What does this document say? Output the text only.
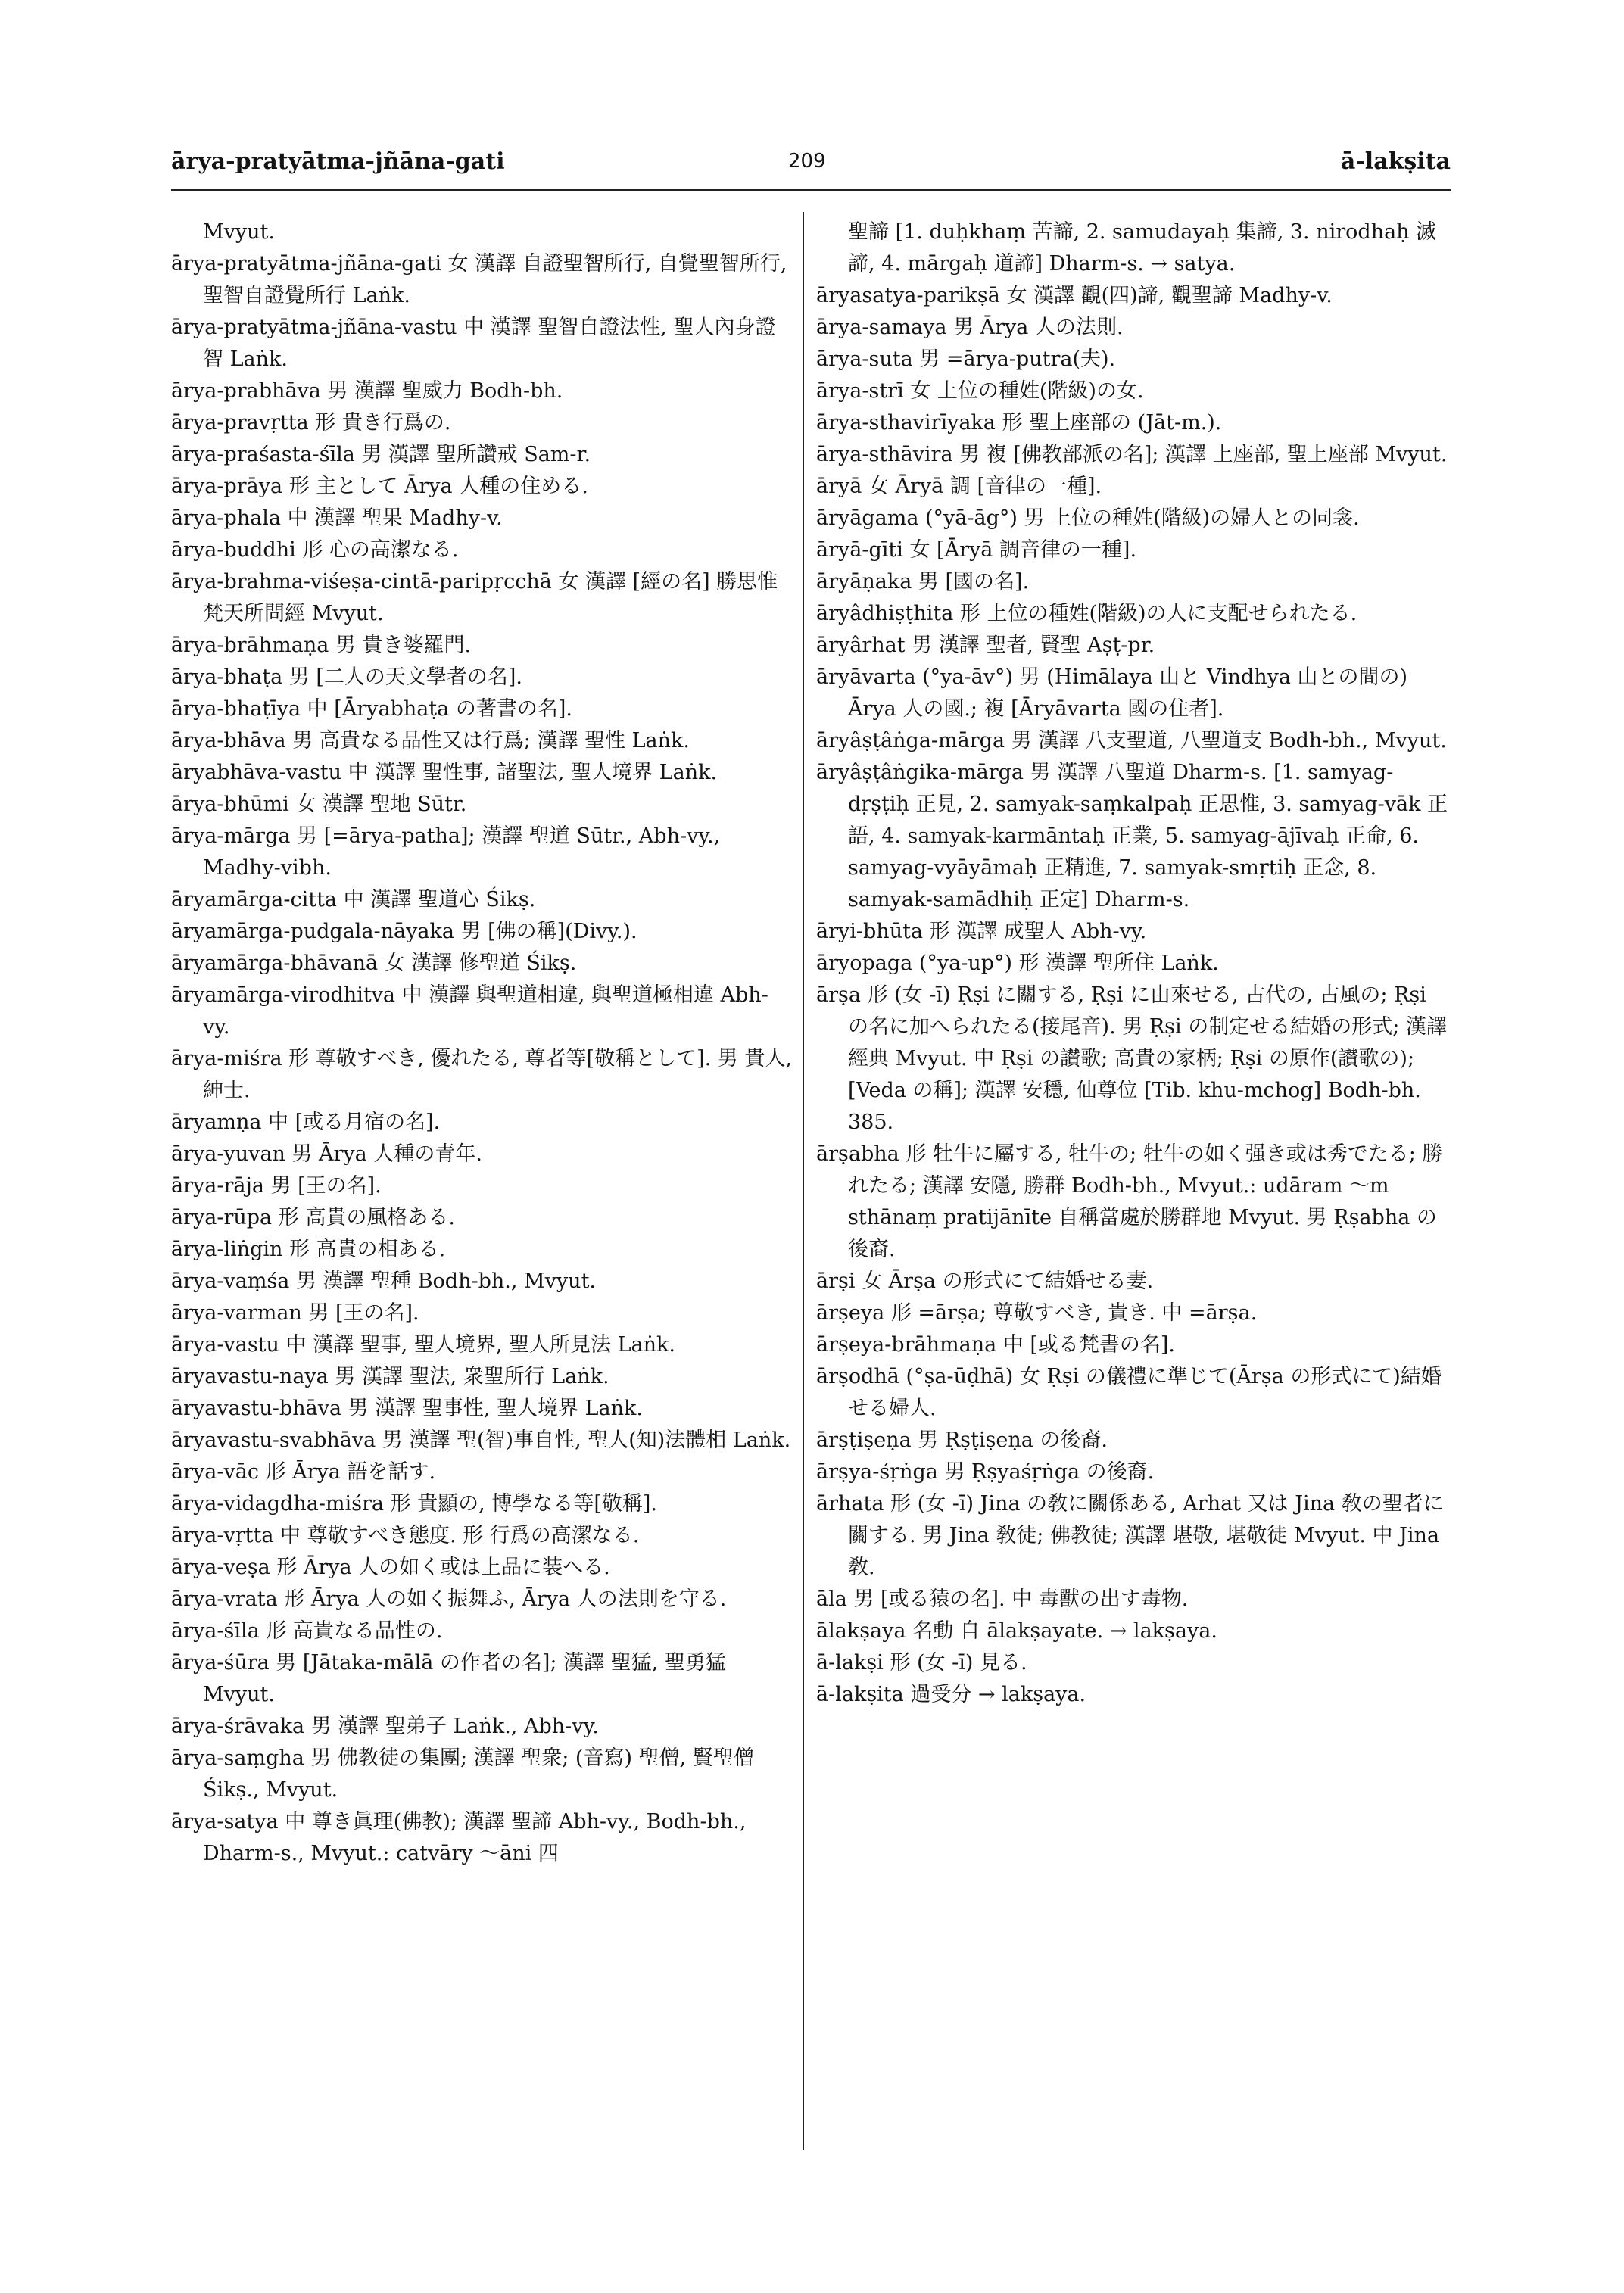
ārya-pratyātma-jñāna-gati	209	ā-lakṣita

Mvyut.

ārya-pratyātma-jñāna-gati 女 漢譯 自證聖智所行, 自覺聖智所行, 聖智自證覺所行 Laṅk.

ārya-pratyātma-jñāna-vastu 中 漢譯 聖智自證法性, 聖人內身證智 Laṅk.

ārya-prabhāva 男 漢譯 聖威力 Bodh-bh.

ārya-pravṛtta 形 貴き行爲の.

ārya-praśasta-śīla 男 漢譯 聖所讚戒 Sam-r.

ārya-prāya 形 主として Ārya 人種の住める.

ārya-phala 中 漢譯 聖果 Madhy-v.

ārya-buddhi 形 心の高潔なる.

ārya-brahma-viśeṣa-cintā-paripṛcchā 女 漢譯 [經の名] 勝思惟梵天所問經 Mvyut.

ārya-brāhmaṇa 男 貴き婆羅門.

ārya-bhaṭa 男 [二人の天文學者の名].

ārya-bhaṭīya 中 [Āryabhaṭa の著書の名].

ārya-bhāva 男 高貴なる品性又は行爲; 漢譯 聖性 Laṅk.

āryabhāva-vastu 中 漢譯 聖性事, 諸聖法, 聖人境界 Laṅk.

ārya-bhūmi 女 漢譯 聖地 Sūtr.

ārya-mārga 男 [=ārya-patha]; 漢譯 聖道 Sūtr., Abh-vy., Madhy-vibh.

āryamārga-citta 中 漢譯 聖道心 Śikṣ.

āryamārga-pudgala-nāyaka 男 [佛の稱](Divy.).

āryamārga-bhāvanā 女 漢譯 修聖道 Śikṣ.

āryamārga-virodhitva 中 漢譯 與聖道相違, 與聖道極相違 Abh-vy.

ārya-miśra 形 尊敬すべき, 優れたる, 尊者等[敬稱として]. 男 貴人, 紳士.

āryamṇa 中 [或る月宿の名].

ārya-yuvan 男 Ārya 人種の青年.

ārya-rāja 男 [王の名].

ārya-rūpa 形 高貴の風格ある.

ārya-liṅgin 形 高貴の相ある.

ārya-vaṃśa 男 漢譯 聖種 Bodh-bh., Mvyut.

ārya-varman 男 [王の名].

ārya-vastu 中 漢譯 聖事, 聖人境界, 聖人所見法 Laṅk.

āryavastu-naya 男 漢譯 聖法, 衆聖所行 Laṅk.

āryavastu-bhāva 男 漢譯 聖事性, 聖人境界 Laṅk.

āryavastu-svabhāva 男 漢譯 聖(智)事自性, 聖人(知)法體相 Laṅk.

ārya-vāc 形 Ārya 語を話す.

ārya-vidagdha-miśra 形 貴顯の, 博學なる等[敬稱].

ārya-vṛtta 中 尊敬すべき態度. 形 行爲の高潔なる.

ārya-veṣa 形 Ārya 人の如く或は上品に装へる.

ārya-vrata 形 Ārya 人の如く振舞ふ, Ārya 人の法則を守る.

ārya-śīla 形 高貴なる品性の.

ārya-śūra 男 [Jātaka-mālā の作者の名]; 漢譯 聖猛, 聖勇猛 Mvyut.

ārya-śrāvaka 男 漢譯 聖弟子 Laṅk., Abh-vy.

ārya-saṃgha 男 佛教徒の集團; 漢譯 聖衆; (音寫) 聖僧, 賢聖僧 Śikṣ., Mvyut.

ārya-satya 中 尊き眞理(佛教); 漢譯 聖諦 Abh-vy., Bodh-bh., Dharm-s., Mvyut.: catvāry ～āni 四

聖諦 [1. duḥkhaṃ 苦諦, 2. samudayaḥ 集諦, 3. nirodhaḥ 滅諦, 4. mārgaḥ 道諦] Dharm-s. → satya.

āryasatya-parikṣā 女 漢譯 觀(四)諦, 觀聖諦 Madhy-v.

ārya-samaya 男 Ārya 人の法則.

ārya-suta 男 =ārya-putra(夫).

ārya-strī 女 上位の種姓(階級)の女.

ārya-sthavirīyaka 形 聖上座部の (Jāt-m.).

ārya-sthāvira 男 複 [佛教部派の名]; 漢譯 上座部, 聖上座部 Mvyut.

āryā 女 Āryā 調 [音律の一種].

āryāgama (°yā-āg°) 男 上位の種姓(階級)の婦人との同衾.

āryā-gīti 女 [Āryā 調音律の一種].

āryāṇaka 男 [國の名].

āryâdhiṣṭhita 形 上位の種姓(階級)の人に支配せられたる.

āryârhat 男 漢譯 聖者, 賢聖 Aṣṭ-pr.

āryāvarta (°ya-āv°) 男 (Himālaya 山と Vindhya 山との間の) Ārya 人の國.; 複 [Āryāvarta 國の住者].

āryâṣṭâṅga-mārga 男 漢譯 八支聖道, 八聖道支 Bodh-bh., Mvyut.

āryâṣṭâṅgika-mārga 男 漢譯 八聖道 Dharm-s. [1. samyag-dṛṣṭiḥ 正見, 2. samyak-saṃkalpaḥ 正思惟, 3. samyag-vāk 正語, 4. samyak-karmāntaḥ 正業, 5. samyag-ājīvaḥ 正命, 6. samyag-vyāyāmaḥ 正精進, 7. samyak-smṛtiḥ 正念, 8. samyak-samādhiḥ 正定] Dharm-s.

āryi-bhūta 形 漢譯 成聖人 Abh-vy.

āryopaga (°ya-up°) 形 漢譯 聖所住 Laṅk.

ārṣa 形 (女 -ī) Ṛṣi に關する, Ṛṣi に由來せる, 古代の, 古風の; Ṛṣi の名に加へられたる(接尾音). 男 Ṛṣi の制定せる結婚の形式; 漢譯 經典 Mvyut. 中 Ṛṣi の讃歌; 高貴の家柄; Ṛṣi の原作(讃歌の); [Veda の稱]; 漢譯 安穩, 仙尊位 [Tib. khu-mchog] Bodh-bh. 385.

ārṣabha 形 牡牛に屬する, 牡牛の; 牡牛の如く强き或は秀でたる; 勝れたる; 漢譯 安隱, 勝群 Bodh-bh., Mvyut.: udāram ～m sthānaṃ pratijānīte 自稱當處於勝群地 Mvyut. 男 Ṛṣabha の後裔.

ārṣi 女 Ārṣa の形式にて結婚せる妻.

ārṣeya 形 =ārṣa; 尊敬すべき, 貴き. 中 =ārṣa.

ārṣeya-brāhmaṇa 中 [或る梵書の名].

ārṣodhā (°ṣa-ūḍhā) 女 Ṛṣi の儀禮に準じて(Ārṣa の形式にて)結婚せる婦人.

ārṣṭiṣeṇa 男 Ṛṣṭiṣeṇa の後裔.

ārṣya-śṛṅga 男 Ṛṣyaśṛṅga の後裔.

ārhata 形 (女 -ī) Jina の敎に關係ある, Arhat 又は Jina 敎の聖者に關する. 男 Jina 敎徒; 佛教徒; 漢譯 堪敬, 堪敬徒 Mvyut. 中 Jina 敎.

āla 男 [或る猿の名]. 中 毒獸の出す毒物.

ālakṣaya 名動 自 ālakṣayate. → lakṣaya.

ā-lakṣi 形 (女 -ī) 見る.

ā-lakṣita 過受分 → lakṣaya.
